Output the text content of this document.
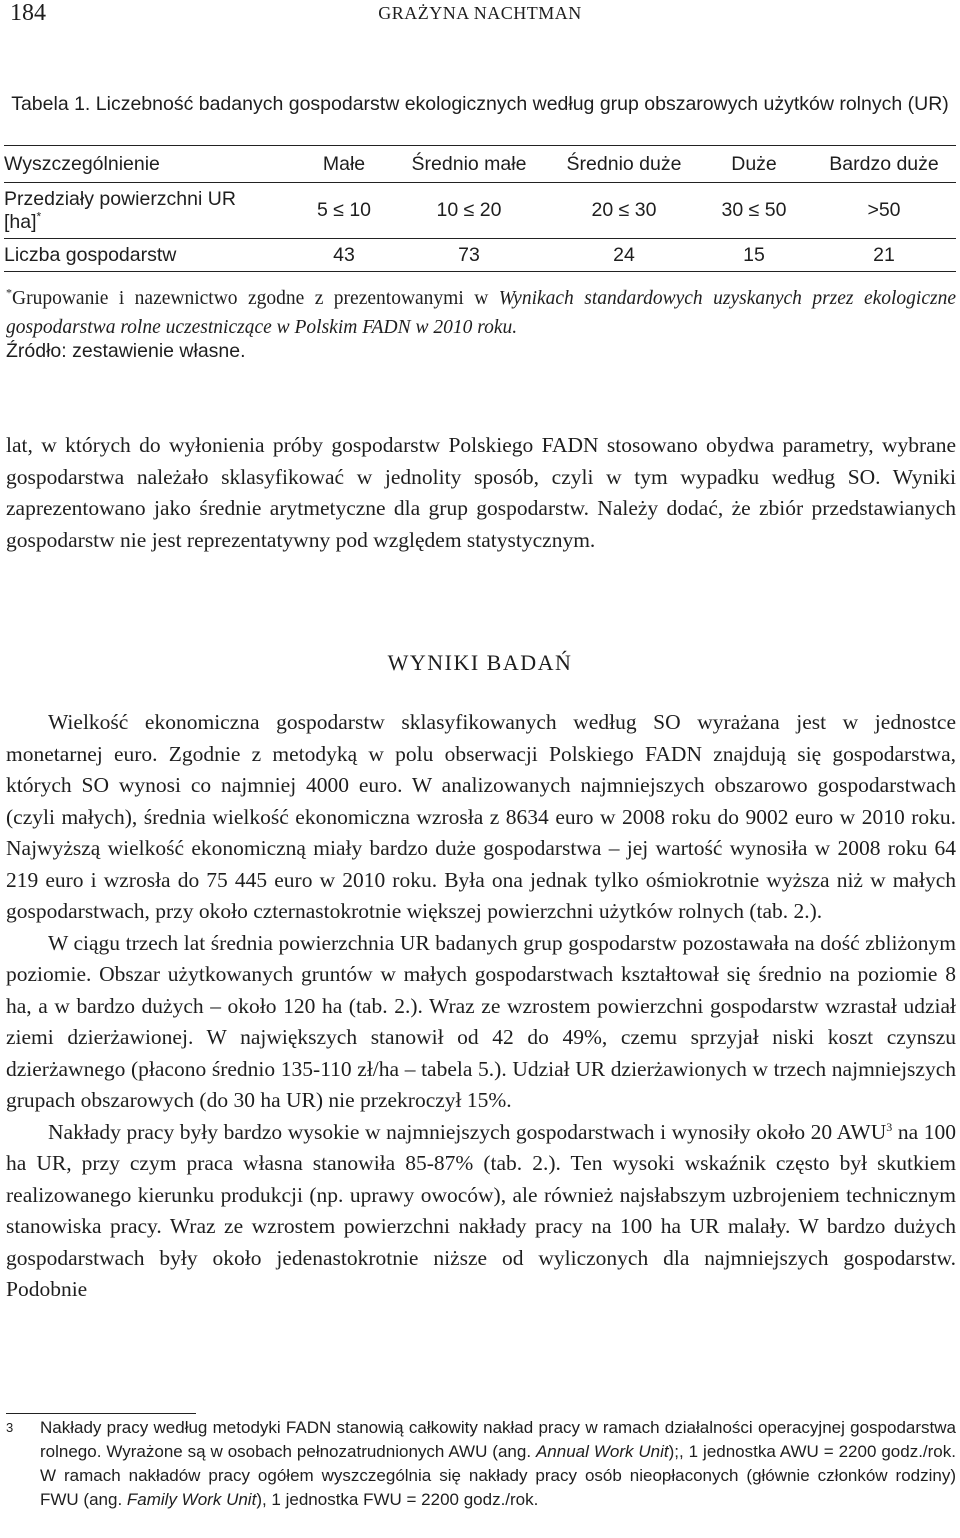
184	GRAŻYNA NACHTMAN
Tabela 1. Liczebność badanych gospodarstw ekologicznych według grup obszarowych użytków rolnych (UR)
Wyszczególnienie	Małe	Średnio małe	Średnio duże	Duże	Bardzo duże
Przedziały powierzchni UR [ha]*	5 ≤ 10	10 ≤ 20	20 ≤ 30	30 ≤ 50	>50
Liczba gospodarstw	43	73	24	15	21

*Grupowanie i nazewnictwo zgodne z prezentowanymi w Wynikach standardowych uzyskanych przez ekologiczne gospodarstwa rolne uczestniczące w Polskim FADN w 2010 roku.

Źródło: zestawienie własne.

lat, w których do wyłonienia próby gospodarstw Polskiego FADN stosowano obydwa parametry, wybrane gospodarstwa należało sklasyfikować w jednolity sposób, czyli w tym wypadku według SO. Wyniki zaprezentowano jako średnie arytmetyczne dla grup gospodarstw. Należy dodać, że zbiór przedstawianych gospodarstw nie jest reprezentatywny pod względem statystycznym.

WYNIKI BADAŃ

Wielkość ekonomiczna gospodarstw sklasyfikowanych według SO wyrażana jest w jednostce monetarnej euro. Zgodnie z metodyką w polu obserwacji Polskiego FADN znajdują się gospodarstwa, których SO wynosi co najmniej 4000 euro. W analizowanych najmniejszych obszarowo gospodarstwach (czyli małych), średnia wielkość ekonomiczna wzrosła z 8634 euro w 2008 roku do 9002 euro w 2010 roku. Najwyższą wielkość ekonomiczną miały bardzo duże gospodarstwa – jej wartość wynosiła w 2008 roku 64 219 euro i wzrosła do 75 445 euro w 2010 roku. Była ona jednak tylko ośmiokrotnie wyższa niż w małych gospodarstwach, przy około czternastokrotnie większej powierzchni użytków rolnych (tab. 2.).

W ciągu trzech lat średnia powierzchnia UR badanych grup gospodarstw pozostawała na dość zbliżonym poziomie. Obszar użytkowanych gruntów w małych gospodarstwach kształtował się średnio na poziomie 8 ha, a w bardzo dużych – około 120 ha (tab. 2.). Wraz ze wzrostem powierzchni gospodarstw wzrastał udział ziemi dzierżawionej. W największych stanowił od 42 do 49%, czemu sprzyjał niski koszt czynszu dzierżawnego (płacono średnio 135-110 zł/ha – tabela 5.). Udział UR dzierżawionych w trzech najmniejszych grupach obszarowych (do 30 ha UR) nie przekroczył 15%.

Nakłady pracy były bardzo wysokie w najmniejszych gospodarstwach i wynosiły około 20 AWU$^3$ na 100 ha UR, przy czym praca własna stanowiła 85-87% (tab. 2.). Ten wysoki wskaźnik często był skutkiem realizowanego kierunku produkcji (np. uprawy owoców), ale również najsłabszym uzbrojeniem technicznym stanowiska pracy. Wraz ze wzrostem powierzchni nakłady pracy na 100 ha UR malały. W bardzo dużych gospodarstwach były około jedenastokrotnie niższe od wyliczonych dla najmniejszych gospodarstw. Podobnie

3 Nakłady pracy według metodyki FADN stanowią całkowity nakład pracy w ramach działalności operacyjnej gospodarstwa rolnego. Wyrażone są w osobach pełnozatrudnionych AWU (ang. Annual Work Unit);, 1 jednostka AWU = 2200 godz./rok. W ramach nakładów pracy ogółem wyszczególnia się nakłady pracy osób nieopłaconych (głównie członków rodziny) FWU (ang. Family Work Unit), 1 jednostka FWU = 2200 godz./rok.
